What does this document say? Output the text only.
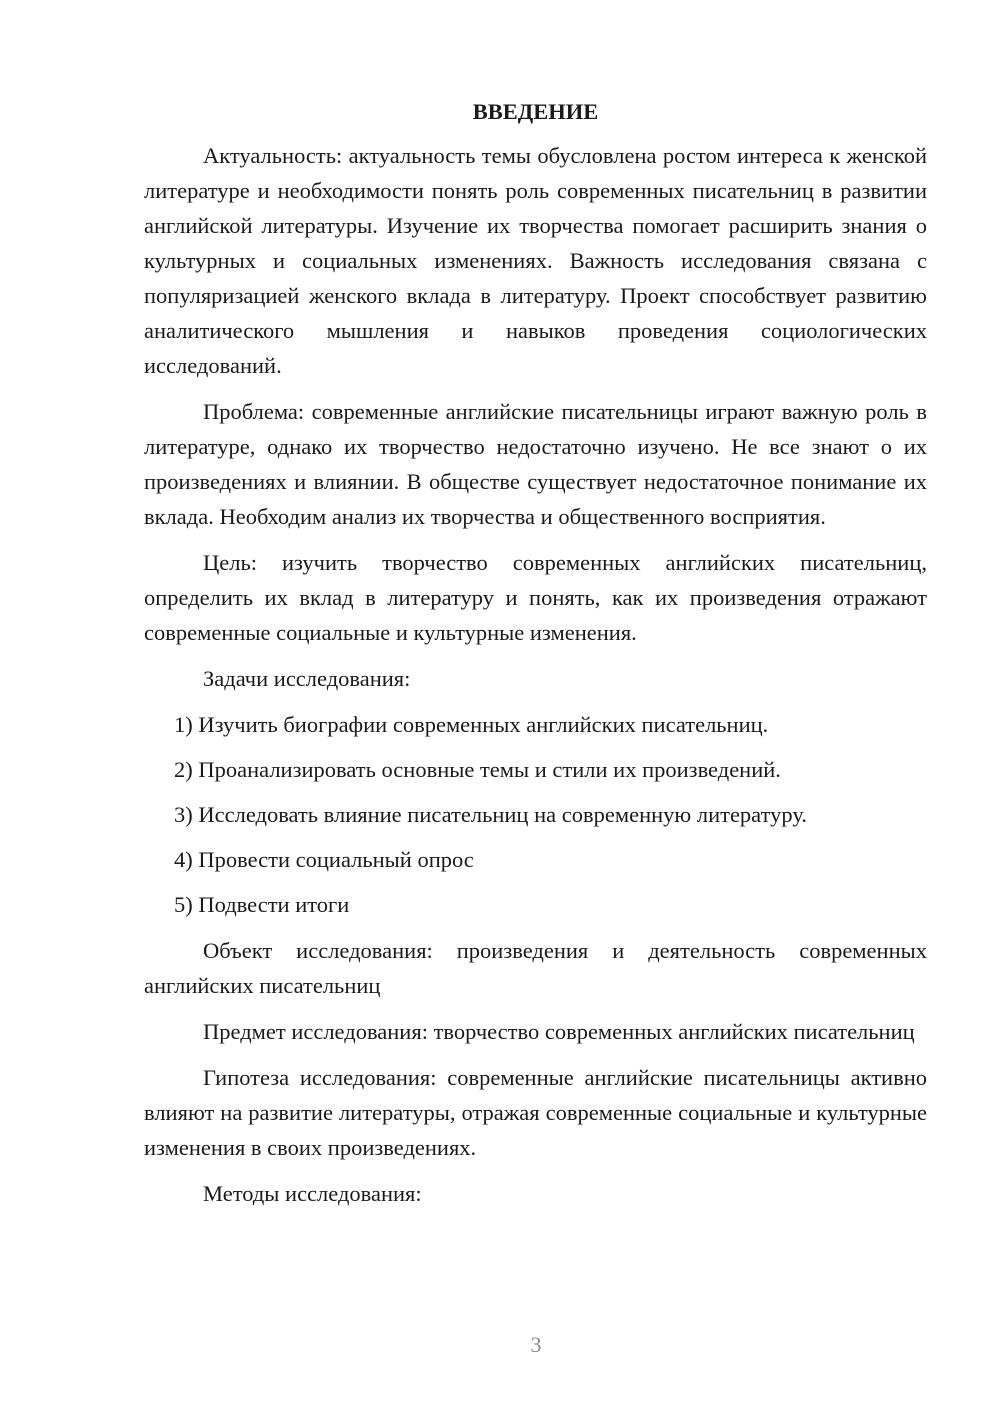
ВВЕДЕНИЕ

Актуальность: актуальность темы обусловлена ростом интереса к женской литературе и необходимости понять роль современных писательниц в развитии английской литературы. Изучение их творчества помогает расширить знания о культурных и социальных изменениях. Важность исследования связана с популяризацией женского вклада в литературу. Проект способствует развитию аналитического мышления и навыков проведения социологических исследований.

Проблема: современные английские писательницы играют важную роль в литературе, однако их творчество недостаточно изучено. Не все знают о их произведениях и влиянии. В обществе существует недостаточное понимание их вклада. Необходим анализ их творчества и общественного восприятия.

Цель: изучить творчество современных английских писательниц, определить их вклад в литературу и понять, как их произведения отражают современные социальные и культурные изменения.

Задачи исследования:

1) Изучить биографии современных английских писательниц.
2) Проанализировать основные темы и стили их произведений.
3) Исследовать влияние писательниц на современную литературу.
4) Провести социальный опрос
5) Подвести итоги

Объект исследования: произведения и деятельность современных английских писательниц

Предмет исследования: творчество современных английских писательниц

Гипотеза исследования: современные английские писательницы активно влияют на развитие литературы, отражая современные социальные и культурные изменения в своих произведениях.

Методы исследования:

3
